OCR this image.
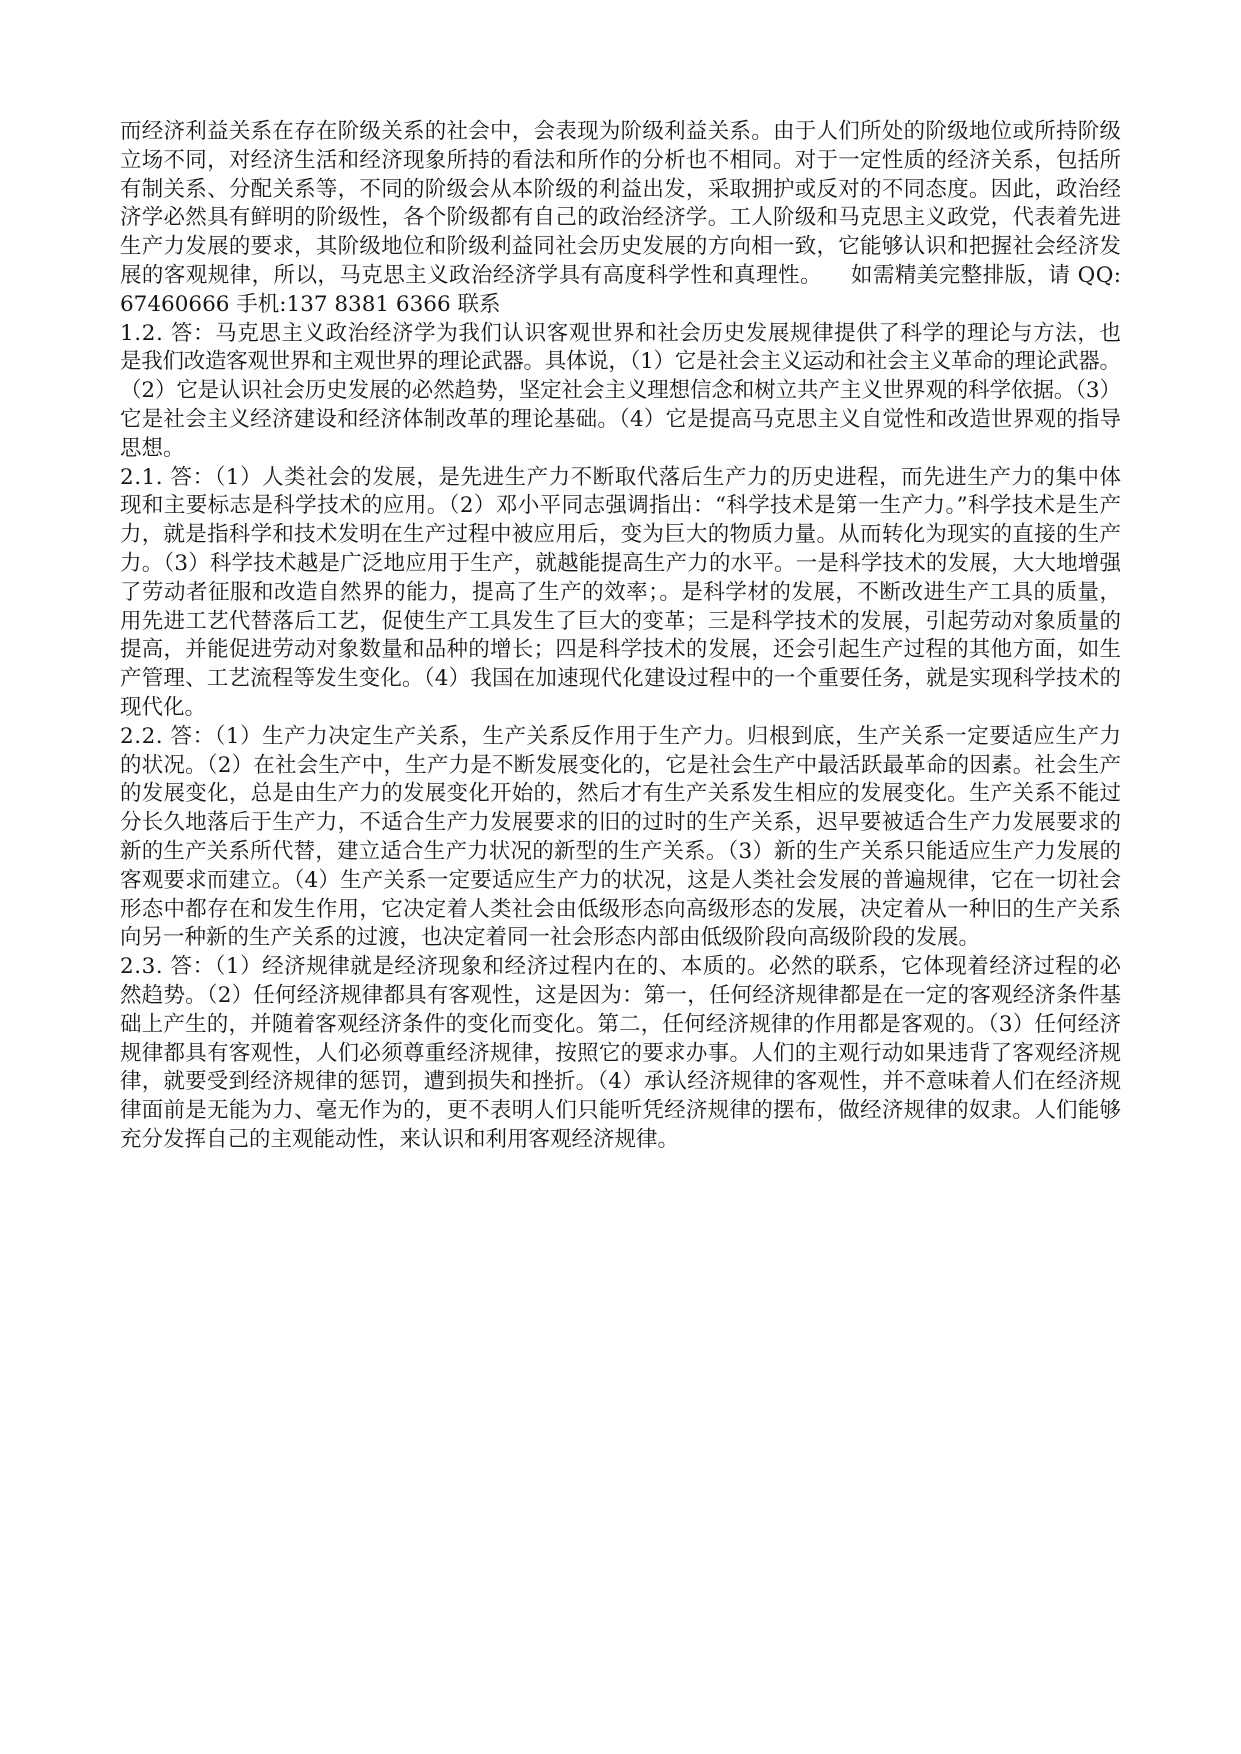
而经济利益关系在存在阶级关系的社会中，会表现为阶级利益关系。由于人们所处的阶级地位或所持阶级
立场不同，对经济生活和经济现象所持的看法和所作的分析也不相同。对于一定性质的经济关系，包括所
有制关系、分配关系等，不同的阶级会从本阶级的利益出发，采取拥护或反对的不同态度。因此，政治经
济学必然具有鲜明的阶级性，各个阶级都有自己的政治经济学。工人阶级和马克思主义政党，代表着先进
生产力发展的要求，其阶级地位和阶级利益同社会历史发展的方向相一致，它能够认识和把握社会经济发
展的客观规律，所以，马克思主义政治经济学具有高度科学性和真理性。    如需精美完整排版，请 QQ:
67460666 手机:137 8381 6366 联系
1.2. 答：马克思主义政治经济学为我们认识客观世界和社会历史发展规律提供了科学的理论与方法，也
是我们改造客观世界和主观世界的理论武器。具体说，（1）它是社会主义运动和社会主义革命的理论武器。
（2）它是认识社会历史发展的必然趋势，坚定社会主义理想信念和树立共产主义世界观的科学依据。（3）
它是社会主义经济建设和经济体制改革的理论基础。（4）它是提高马克思主义自觉性和改造世界观的指导
思想。
2.1. 答：（1）人类社会的发展，是先进生产力不断取代落后生产力的历史进程，而先进生产力的集中体
现和主要标志是科学技术的应用。（2）邓小平同志强调指出：“科学技术是第一生产力。”科学技术是生产
力，就是指科学和技术发明在生产过程中被应用后，变为巨大的物质力量。从而转化为现实的直接的生产
力。（3）科学技术越是广泛地应用于生产，就越能提高生产力的水平。一是科学技术的发展，大大地增强
了劳动者征服和改造自然界的能力，提高了生产的效率；。是科学材的发展，不断改进生产工具的质量，
用先进工艺代替落后工艺，促使生产工具发生了巨大的变革；三是科学技术的发展，引起劳动对象质量的
提高，并能促进劳动对象数量和品种的增长；四是科学技术的发展，还会引起生产过程的其他方面，如生
产管理、工艺流程等发生变化。（4）我国在加速现代化建设过程中的一个重要任务，就是实现科学技术的
现代化。
2.2. 答：（1）生产力决定生产关系，生产关系反作用于生产力。归根到底，生产关系一定要适应生产力
的状况。（2）在社会生产中，生产力是不断发展变化的，它是社会生产中最活跃最革命的因素。社会生产
的发展变化，总是由生产力的发展变化开始的，然后才有生产关系发生相应的发展变化。生产关系不能过
分长久地落后于生产力，不适合生产力发展要求的旧的过时的生产关系，迟早要被适合生产力发展要求的
新的生产关系所代替，建立适合生产力状况的新型的生产关系。（3）新的生产关系只能适应生产力发展的
客观要求而建立。（4）生产关系一定要适应生产力的状况，这是人类社会发展的普遍规律，它在一切社会
形态中都存在和发生作用，它决定着人类社会由低级形态向高级形态的发展，决定着从一种旧的生产关系
向另一种新的生产关系的过渡，也决定着同一社会形态内部由低级阶段向高级阶段的发展。
2.3. 答：（1）经济规律就是经济现象和经济过程内在的、本质的。必然的联系，它体现着经济过程的必
然趋势。（2）任何经济规律都具有客观性，这是因为：第一，任何经济规律都是在一定的客观经济条件基
础上产生的，并随着客观经济条件的变化而变化。第二，任何经济规律的作用都是客观的。（3）任何经济
规律都具有客观性，人们必须尊重经济规律，按照它的要求办事。人们的主观行动如果违背了客观经济规
律，就要受到经济规律的惩罚，遭到损失和挫折。（4）承认经济规律的客观性，并不意味着人们在经济规
律面前是无能为力、毫无作为的，更不表明人们只能听凭经济规律的摆布，做经济规律的奴隶。人们能够
充分发挥自己的主观能动性，来认识和利用客观经济规律。
